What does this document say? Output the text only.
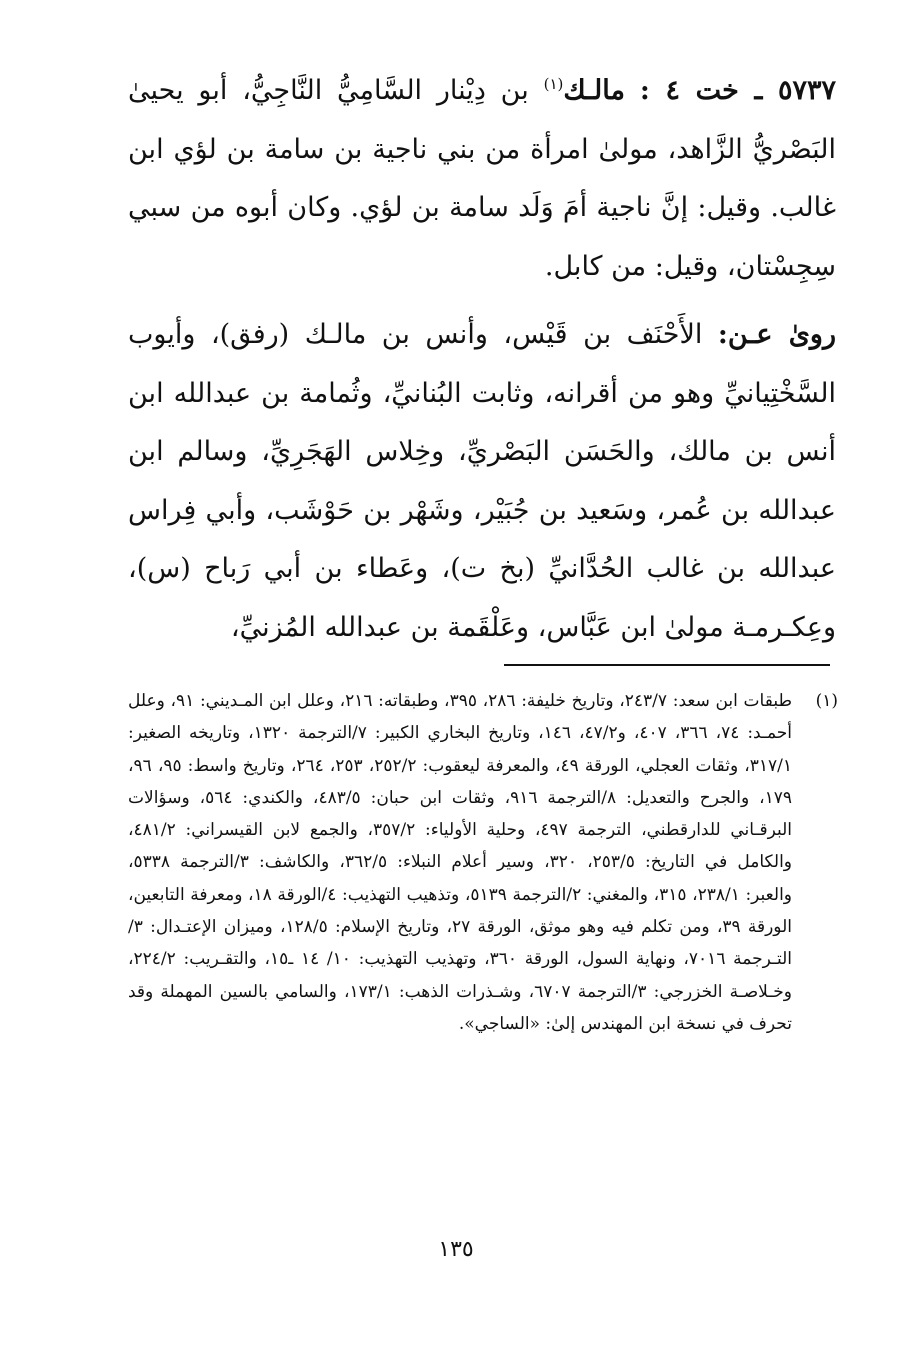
٥٧٣٧ ـ خت ٤ : مالـك$^{(١)}$ بن دِيْنار السَّامِيُّ النَّاجِيُّ، أبو يحيىٰ البَصْريُّ الزَّاهد، مولىٰ امرأة من بني ناجية بن سامة بن لؤي ابن غالب. وقيل: إنَّ ناجية أمَ وَلَد سامة بن لؤي. وكان أبوه من سبي سِجِسْتان، وقيل: من كابل.

روىٰ عـن: الأَحْنَف بن قَيْس، وأنس بن مالـك (رفق)، وأيوب السَّخْتِيانيِّ وهو من أقرانه، وثابت البُنانيِّ، وثُمامة بن عبدالله ابن أنس بن مالك، والحَسَن البَصْريِّ، وخِلاس الهَجَرِيِّ، وسالم ابن عبدالله بن عُمر، وسَعيد بن جُبَيْر، وشَهْر بن حَوْشَب، وأبي فِراس عبدالله بن غالب الحُدَّانيِّ (بخ ت)، وعَطاء بن أبي رَباح (س)، وعِكـرمـة مولىٰ ابن عَبَّاس، وعَلْقَمة بن عبدالله المُزنيِّ،

(١)
طبقات ابن سعد: ٢٤٣/٧، وتاريخ خليفة: ٢٨٦، ٣٩٥، وطبقاته: ٢١٦، وعلل ابن المـديني: ٩١، وعلل أحمـد: ٧٤، ٣٦٦، ٤٠٧، و٤٧/٢، ١٤٦، وتاريخ البخاري الكبير: ٧/الترجمة ١٣٢٠، وتاريخه الصغير: ٣١٧/١، وثقات العجلي، الورقة ٤٩، والمعرفة ليعقوب: ٢٥٢/٢، ٢٥٣، ٢٦٤، وتاريخ واسط: ٩٥، ٩٦، ١٧٩، والجرح والتعديل: ٨/الترجمة ٩١٦، وثقات ابن حبان: ٤٨٣/٥، والكندي: ٥٦٤، وسؤالات البرقـاني للدارقطني، الترجمة ٤٩٧، وحلية الأولياء: ٣٥٧/٢، والجمع لابن القيسراني: ٤٨١/٢، والكامل في التاريخ: ٢٥٣/٥، ٣٢٠، وسير أعلام النبلاء: ٣٦٢/٥، والكاشف: ٣/الترجمة ٥٣٣٨، والعبر: ٢٣٨/١، ٣١٥، والمغني: ٢/الترجمة ٥١٣٩، وتذهيب التهذيب: ٤/الورقة ١٨، ومعرفة التابعين، الورقة ٣٩، ومن تكلم فيه وهو موثق، الورقة ٢٧، وتاريخ الإسلام: ١٢٨/٥، وميزان الإعتـدال: ٣/التـرجمة ٧٠١٦، ونهاية السول، الورقة ٣٦٠، وتهذيب التهذيب: ١٠/ ١٤ ـ١٥، والتقـريب: ٢٢٤/٢، وخـلاصـة الخزرجي: ٣/الترجمة ٦٧٠٧، وشـذرات الذهب: ١٧٣/١، والسامي بالسين المهملة وقد تحرف في نسخة ابن المهندس إلىٰ: «الساجي».
١٣٥
